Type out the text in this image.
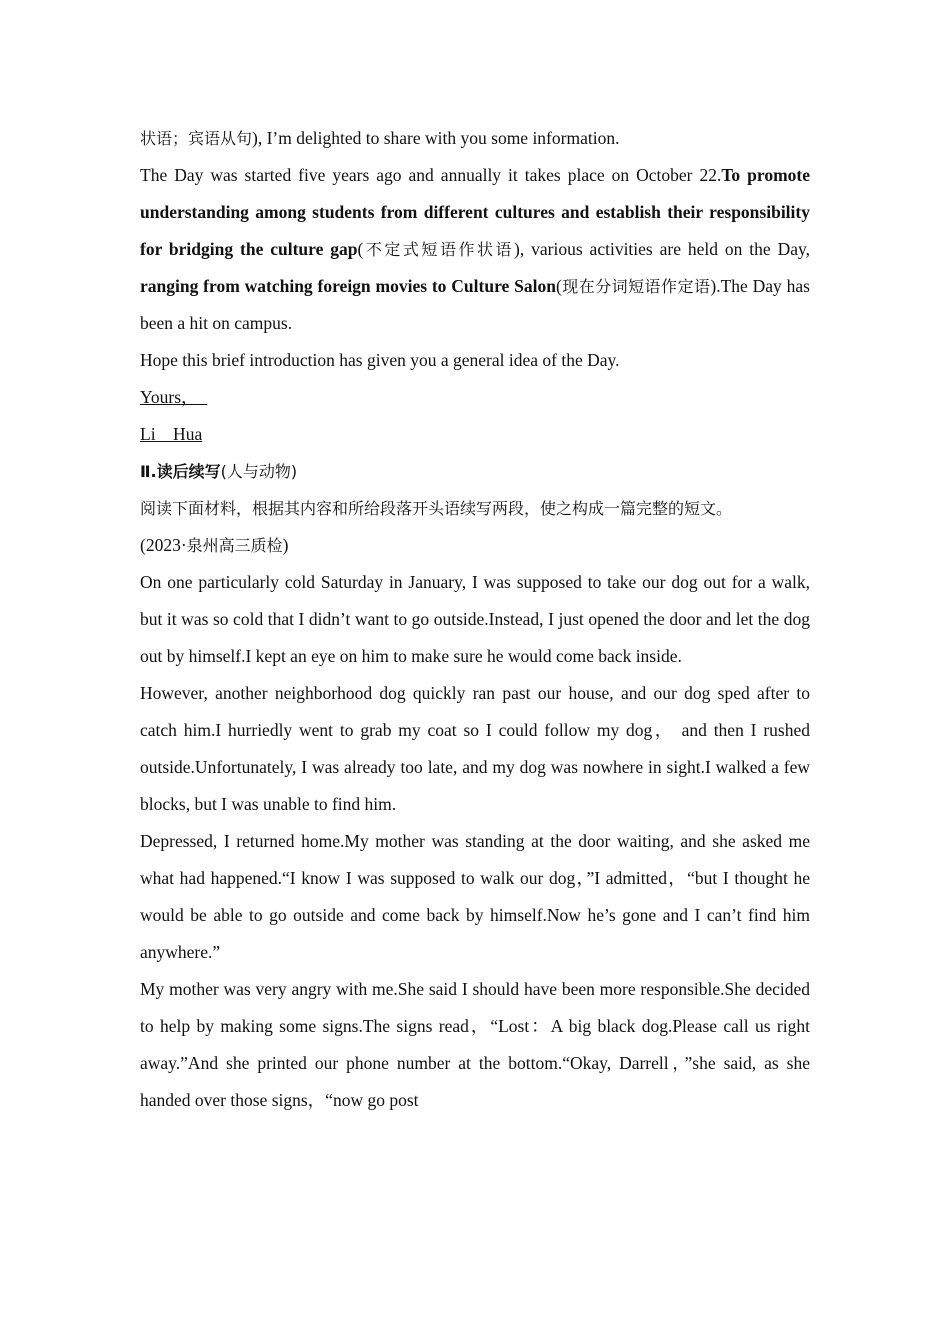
状语；宾语从句), I’m delighted to share with you some information.

The Day was started five years ago and annually it takes place on October 22.To promote understanding among students from different cultures and establish their responsibility for bridging the culture gap(不定式短语作状语), various activities are held on the Day, ranging from watching foreign movies to Culture Salon(现在分词短语作定语).The Day has been a hit on campus.

Hope this brief introduction has given you a general idea of the Day.

Yours，

Li　Hua

Ⅱ.读后续写(人与动物)

阅读下面材料，根据其内容和所给段落开头语续写两段，使之构成一篇完整的短文。

(2023·泉州高三质检)

On one particularly cold Saturday in January, I was supposed to take our dog out for a walk, but it was so cold that I didn’t want to go outside.Instead, I just opened the door and let the dog out by himself.I kept an eye on him to make sure he would come back inside.

However, another neighborhood dog quickly ran past our house, and our dog sped after to catch him.I hurriedly went to grab my coat so I could follow my dog， and then I rushed outside.Unfortunately, I was already too late, and my dog was nowhere in sight.I walked a few blocks, but I was unable to find him.

Depressed, I returned home.My mother was standing at the door waiting, and she asked me what had happened.“I know I was supposed to walk our dog，”I admitted，“but I thought he would be able to go outside and come back by himself.Now he’s gone and I can’t find him anywhere.”

My mother was very angry with me.She said I should have been more responsible.She decided to help by making some signs.The signs read，“Lost：A big black dog.Please call us right away.”And she printed our phone number at the bottom.“Okay, Darrell，”she said, as she handed over those signs，“now go post
